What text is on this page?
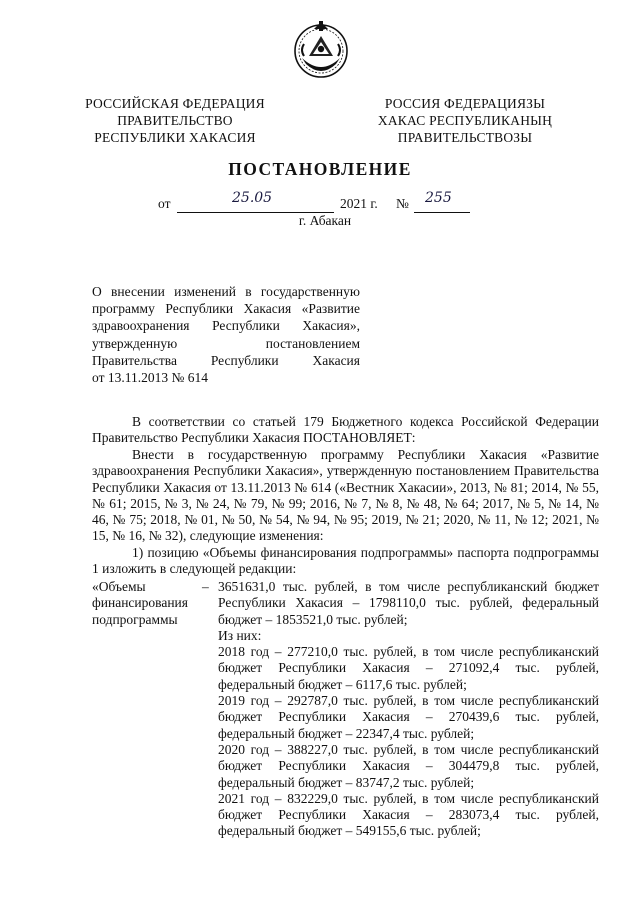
РОССИЙСКАЯ ФЕДЕРАЦИЯ
ПРАВИТЕЛЬСТВО
РЕСПУБЛИКИ ХАКАСИЯ
РОССИЯ ФЕДЕРАЦИЯЗЫ
ХАКАС РЕСПУБЛИКАНЫҢ
ПРАВИТЕЛЬСТВОЗЫ
ПОСТАНОВЛЕНИЕ
от	25.05	2021 г. № 255
г. Абакан
О внесении изменений в государственную
программу Республики Хакасия «Развитие
здравоохранения Республики Хакасия»,
утвержденную постановлением
Правительства Республики Хакасия
от 13.11.2013 № 614
В соответствии со статьей 179 Бюджетного кодекса Российской Федерации Правительство Республики Хакасия ПОСТАНОВЛЯЕТ:
Внести в государственную программу Республики Хакасия «Развитие здравоохранения Республики Хакасия», утвержденную постановлением Правительства Республики Хакасия от 13.11.2013 № 614 («Вестник Хакасии», 2013, № 81; 2014, № 55, № 61; 2015, № 3, № 24, № 79, № 99; 2016, № 7, № 8, № 48, № 64; 2017, № 5, № 14, № 46, № 75; 2018, № 01, № 50, № 54, № 94, № 95; 2019, № 21; 2020, № 11, № 12; 2021, № 15, № 16, № 32), следующие изменения:
1) позицию «Объемы финансирования подпрограммы» паспорта подпрограммы 1 изложить в следующей редакции:
«Объемы финансирования подпрограммы
– 3651631,0 тыс. рублей, в том числе республиканский бюджет Республики Хакасия – 1798110,0 тыс. рублей, федеральный бюджет – 1853521,0 тыс. рублей;

Из них:

2018 год – 277210,0 тыс. рублей, в том числе республиканский бюджет Республики Хакасия – 271092,4 тыс. рублей, федеральный бюджет – 6117,6 тыс. рублей;

2019 год – 292787,0 тыс. рублей, в том числе республиканский бюджет Республики Хакасия – 270439,6 тыс. рублей, федеральный бюджет – 22347,4 тыс. рублей;

2020 год – 388227,0 тыс. рублей, в том числе республиканский бюджет Республики Хакасия – 304479,8 тыс. рублей, федеральный бюджет – 83747,2 тыс. рублей;

2021 год – 832229,0 тыс. рублей, в том числе республиканский бюджет Республики Хакасия – 283073,4 тыс. рублей, федеральный бюджет – 549155,6 тыс. рублей;
